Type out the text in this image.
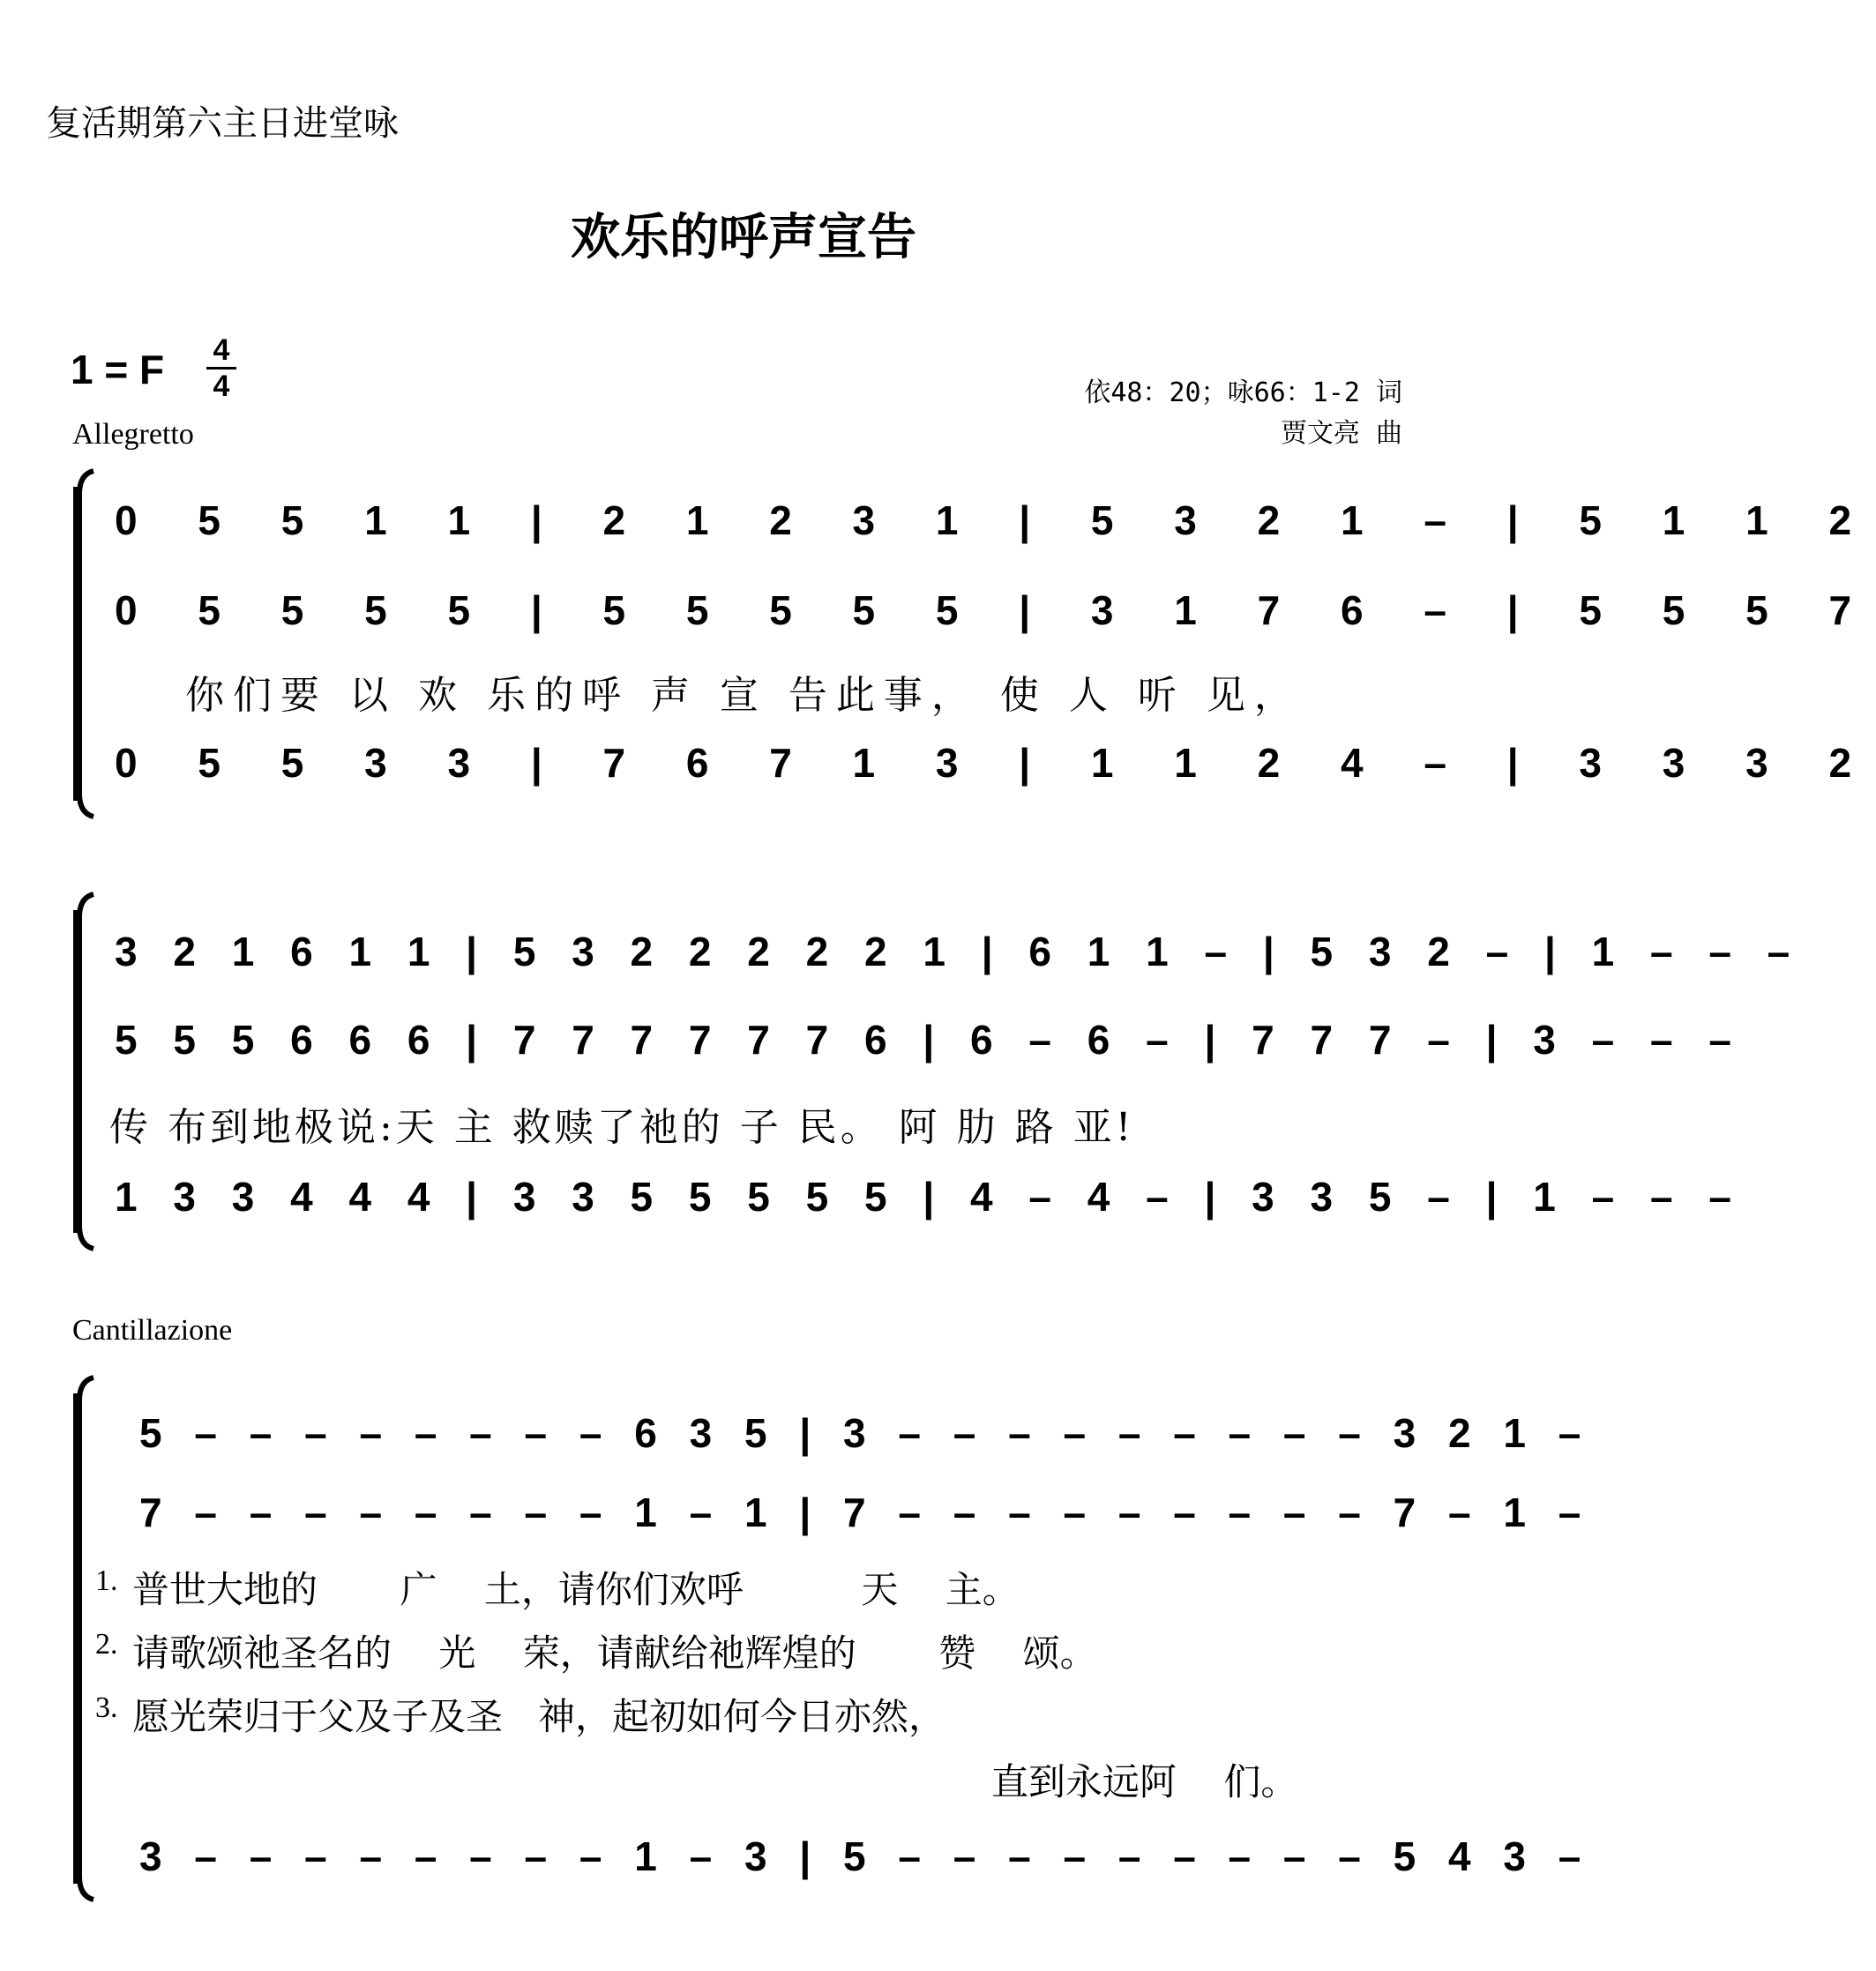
复活期第六主日进堂咏
欢乐的呼声宣告
1 = F 4
4	依48：20；咏66：1-2 词
贾文亮 曲
Allegretto
0 5 5 1 1 | 2 1 2 3 1 | 5 3 2 1 – | 5 1 1 2
0 5 5 5 5 | 5 5 5 5 5 | 3 1 7 6 – | 5 5 5 7
你们要 以 欢 乐的呼 声 宣 告此事， 使 人 听 见，
0 5 5 3 3 | 7 6 7 1 3 | 1 1 2 4 – | 3 3 3 2
3 2 1 6 1 1 | 5 3 2 2 2 2 2 1 | 6 1 1 – | 5 3 2 – | 1 – – –
5 5 5 6 6 6 | 7 7 7 7 7 7 6 | 6 – 6 – | 7 7 7 – | 3 – – –
传 布到地极说:天 主 救赎了祂的 子 民。 阿 肋 路 亚!
1 3 3 4 4 4 | 3 3 5 5 5 5 5 | 4 – 4 – | 3 3 5 – | 1 – – –
Cantillazione
5 – – – – – – – – 6 3 5 | 3 – – – – – – – – – 3 2 1 –
7 – – – – – – – – 1 – 1 | 7 – – – – – – – – – 7 – 1 –
1. 普世大地的       广    土，请你们欢呼          天    主。
2. 请歌颂祂圣名的    光    荣，请献给祂辉煌的       赞    颂。
3. 愿光荣归于父及子及圣   神，起初如何今日亦然，
直到永远阿    们。
3 – – – – – – – – 1 – 3 | 5 – – – – – – – – – 5 4 3 –
